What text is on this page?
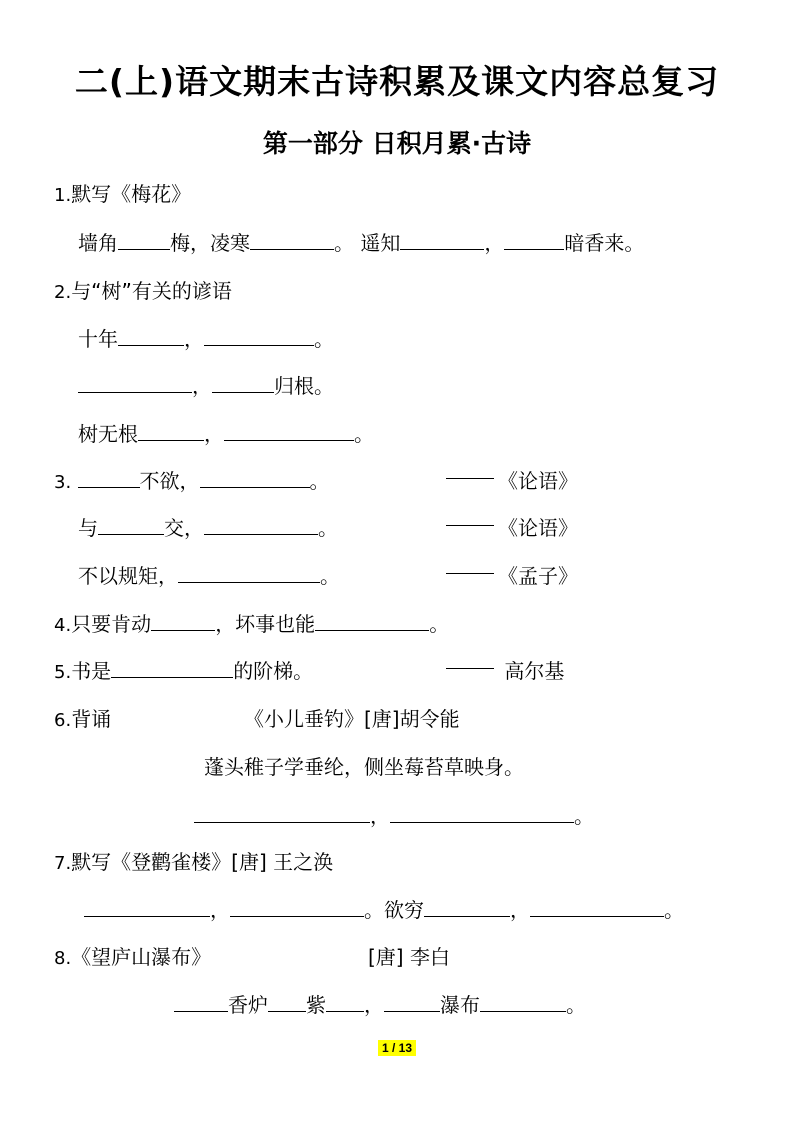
二(上)语文期末古诗积累及课文内容总复习
第一部分 日积月累·古诗
1.默写《梅花》
墙角	梅，凌寒	。 遥知	，	暗香来。
2.与“树”有关的谚语
十年	，	。
，	归根。
树无根	，	。
3.	不欲，	。	《论语》
与	交，	。	《论语》
不以规矩，	。	《孟子》
4.只要肯动	，坏事也能	。
5.书是	的阶梯。	高尔基
6.背诵	《小儿垂钓》[唐]胡令能
蓬头稚子学垂纶，侧坐莓苔草映身。
，	。
7.默写《登鹳雀楼》[唐] 王之涣
，	。欲穷	，	。
8.《望庐山瀑布》	[唐] 李白
香炉 紫 ，	瀑布	。
1 / 13
